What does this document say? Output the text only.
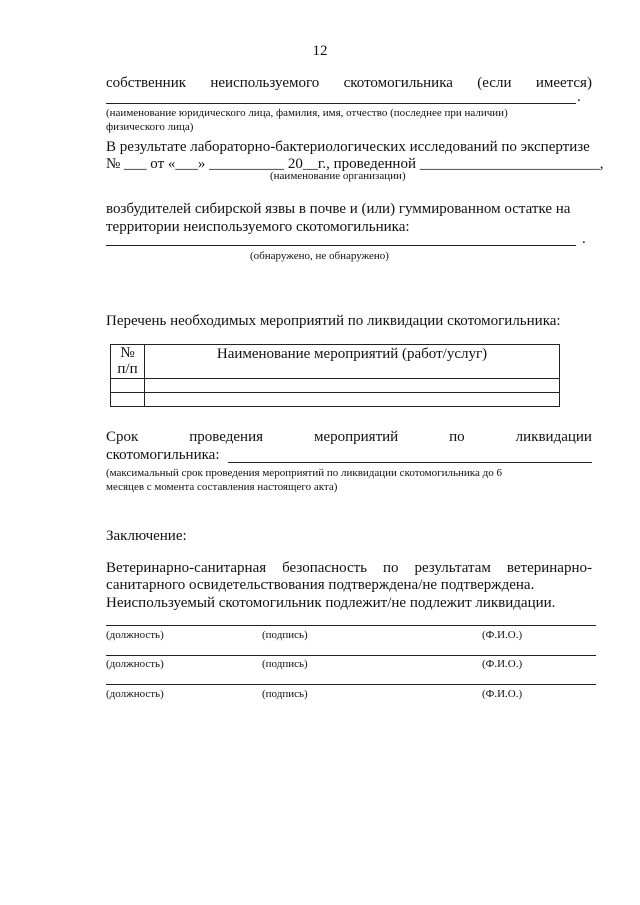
12
собственник неиспользуемого скотомогильника (если имеется)
.
(наименование юридического лица, фамилия, имя, отчество (последнее при наличии)
физического лица)
В результате лабораторно-бактериологических исследований по экспертизе
№ ___ от «___» __________ 20__г., проведенной ________________________,
(наименование организации)
возбудителей сибирской язвы в почве и (или) гуммированном остатке на
территории неиспользуемого скотомогильника:
.
(обнаружено, не обнаружено)
Перечень необходимых мероприятий по ликвидации скотомогильника:
№
п/п	Наименование мероприятий (работ/услуг)

Срок	проведения	мероприятий	по	ликвидации
скотомогильника:
(максимальный срок проведения мероприятий по ликвидации скотомогильника до 6
месяцев с момента составления настоящего акта)
Заключение:
Ветеринарно-санитарная безопасность по результатам ветеринарно-
санитарного освидетельствования подтверждена/не подтверждена.
Неиспользуемый скотомогильник подлежит/не подлежит ликвидации.
(должность)	(подпись)	(Ф.И.О.)
(должность)	(подпись)	(Ф.И.О.)
(должность)	(подпись)	(Ф.И.О.)
